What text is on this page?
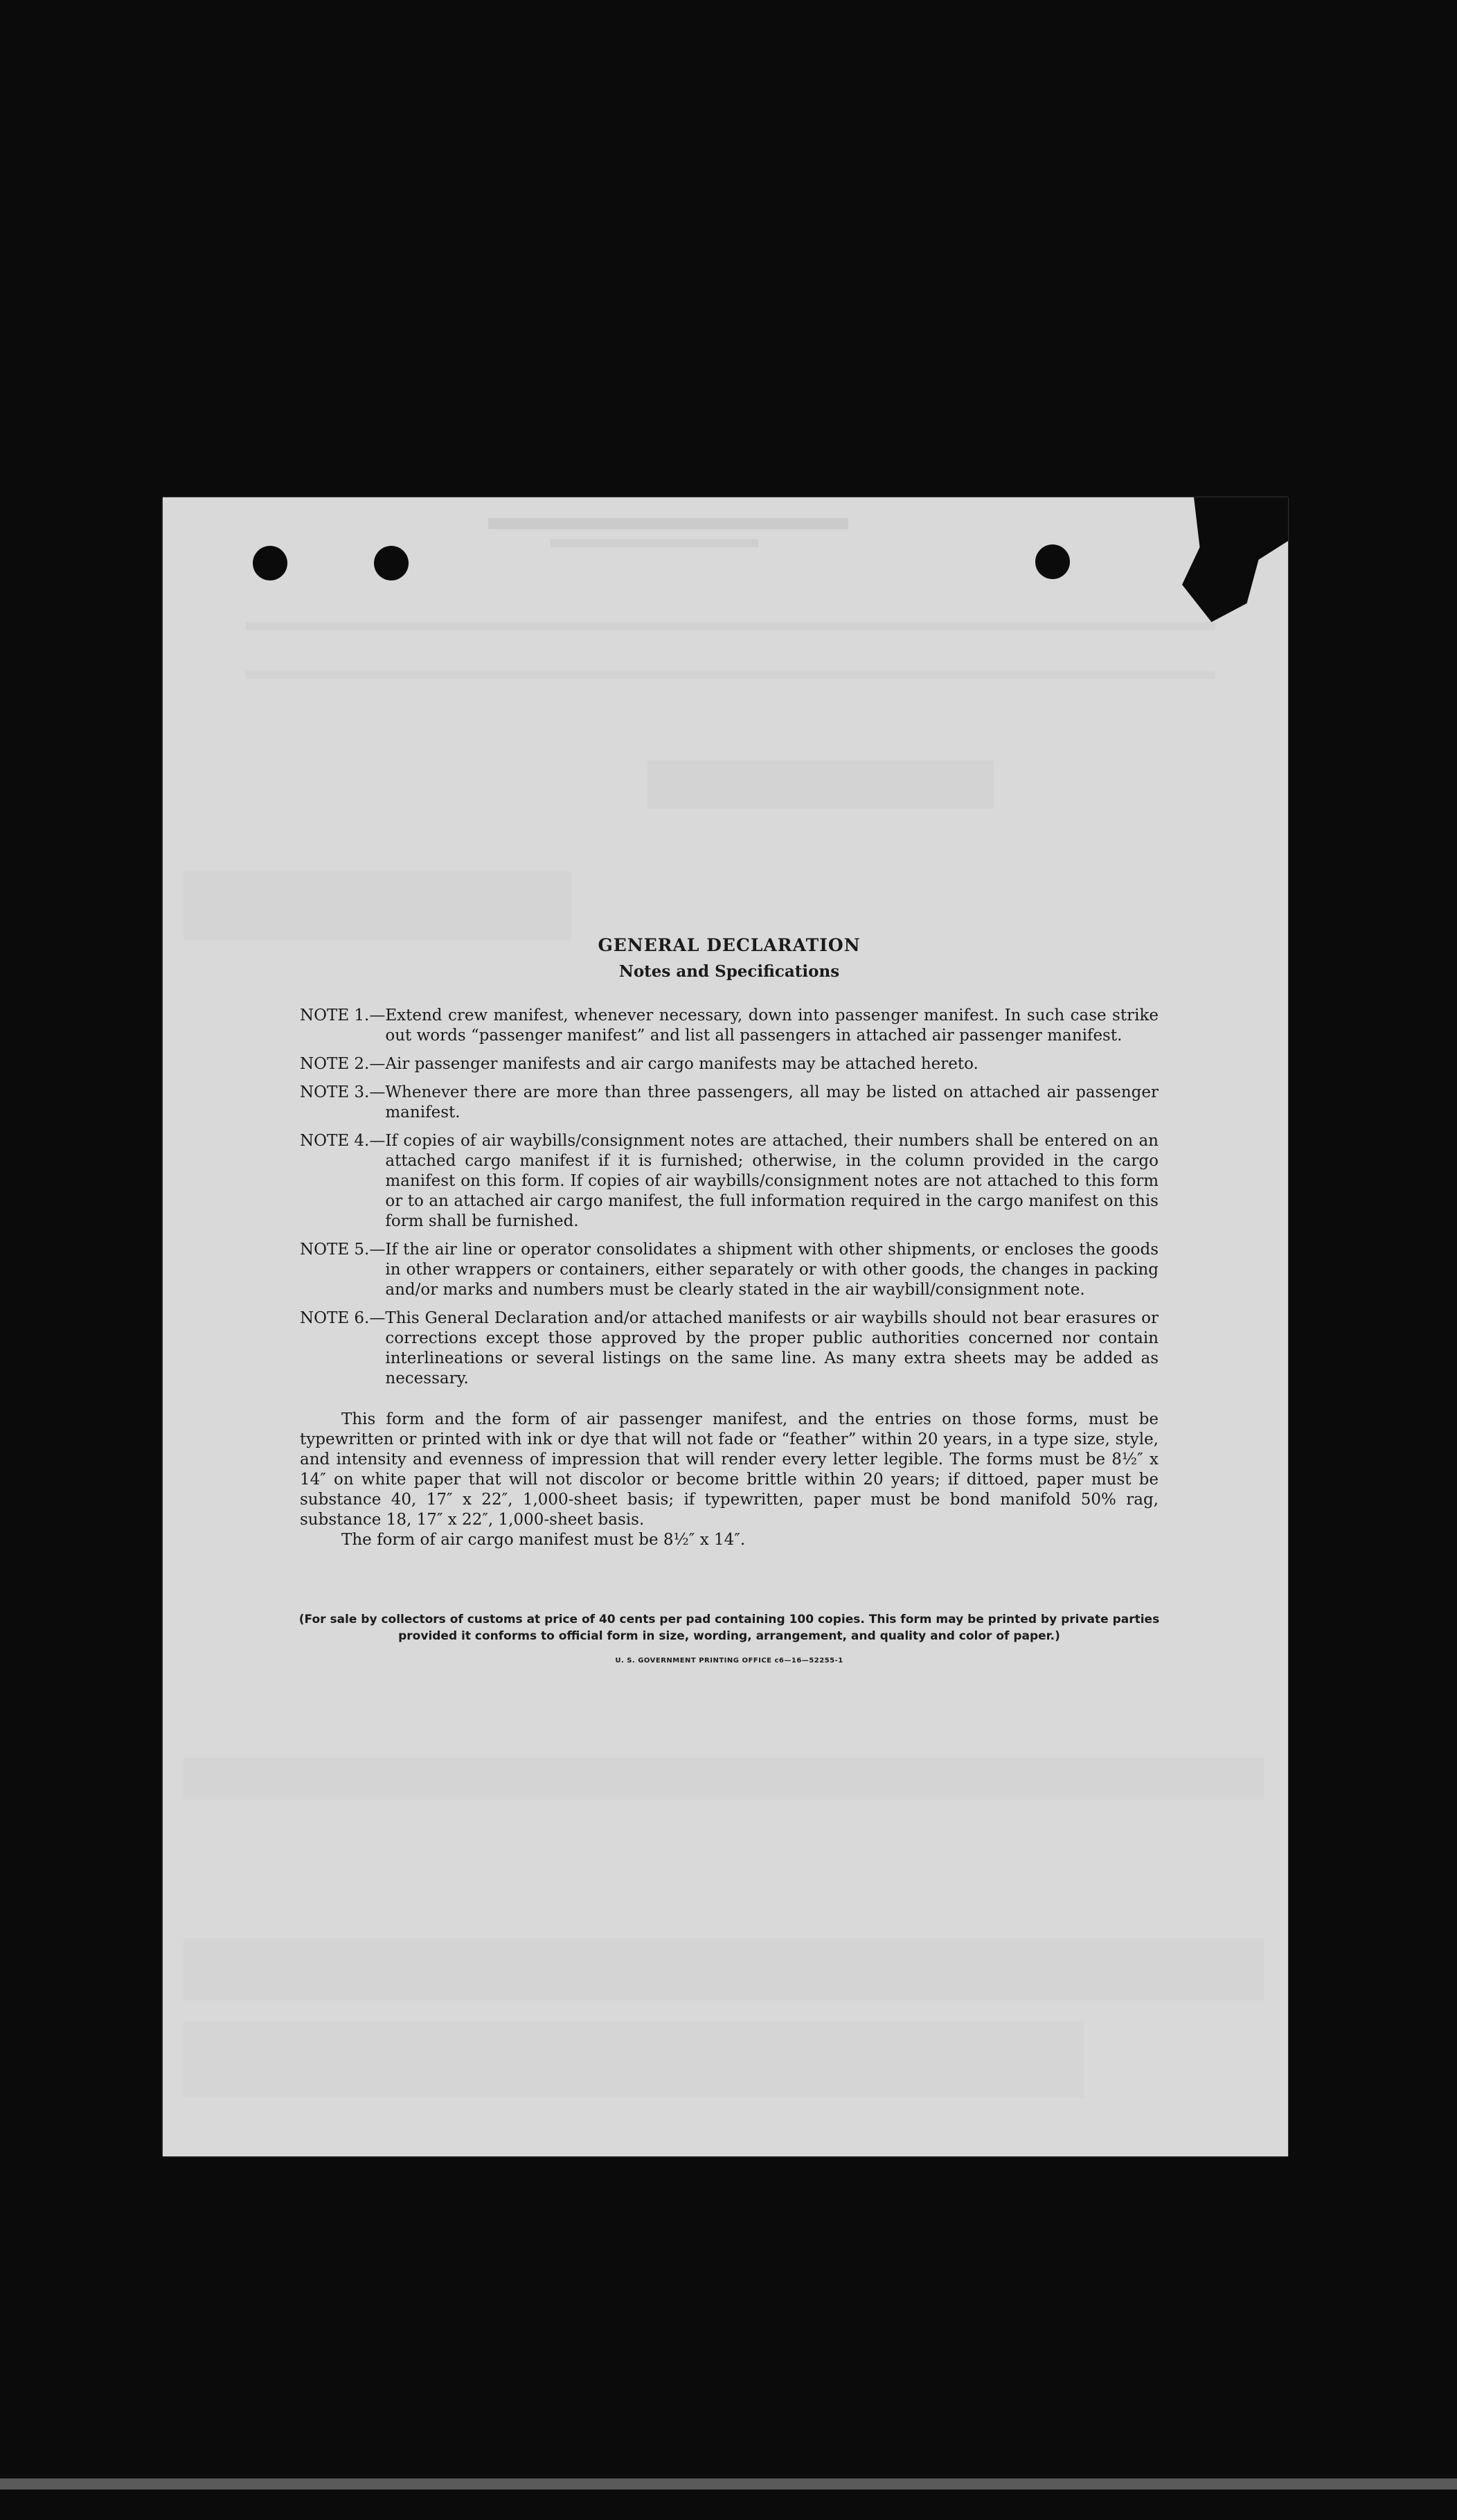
GENERAL DECLARATION
Notes and Specifications
NOTE 1.— Extend crew manifest, whenever necessary, down into passenger manifest. In such case strike out words “passenger manifest” and list all passengers in attached air passenger manifest.
NOTE 2.— Air passenger manifests and air cargo manifests may be attached hereto.
NOTE 3.— Whenever there are more than three passengers, all may be listed on attached air passenger manifest.
NOTE 4.— If copies of air waybills/consignment notes are attached, their numbers shall be entered on an attached cargo manifest if it is furnished; otherwise, in the column provided in the cargo manifest on this form. If copies of air waybills/consignment notes are not attached to this form or to an attached air cargo manifest, the full information required in the cargo manifest on this form shall be furnished.
NOTE 5.— If the air line or operator consolidates a shipment with other shipments, or encloses the goods in other wrappers or containers, either separately or with other goods, the changes in packing and/or marks and numbers must be clearly stated in the air waybill/consignment note.
NOTE 6.— This General Declaration and/or attached manifests or air waybills should not bear erasures or corrections except those approved by the proper public authorities concerned nor contain interlineations or several listings on the same line. As many extra sheets may be added as necessary.

This form and the form of air passenger manifest, and the entries on those forms, must be typewritten or printed with ink or dye that will not fade or “feather” within 20 years, in a type size, style, and intensity and evenness of impression that will render every letter legible. The forms must be 8½″ x 14″ on white paper that will not discolor or become brittle within 20 years; if dittoed, paper must be substance 40, 17″ x 22″, 1,000-sheet basis; if typewritten, paper must be bond manifold 50% rag, substance 18, 17″ x 22″, 1,000-sheet basis.

The form of air cargo manifest must be 8½″ x 14″.

(For sale by collectors of customs at price of 40 cents per pad containing 100 copies. This form may be printed by private parties provided it conforms to official form in size, wording, arrangement, and quality and color of paper.)
U. S. GOVERNMENT PRINTING OFFICE c6—16—52255-1
